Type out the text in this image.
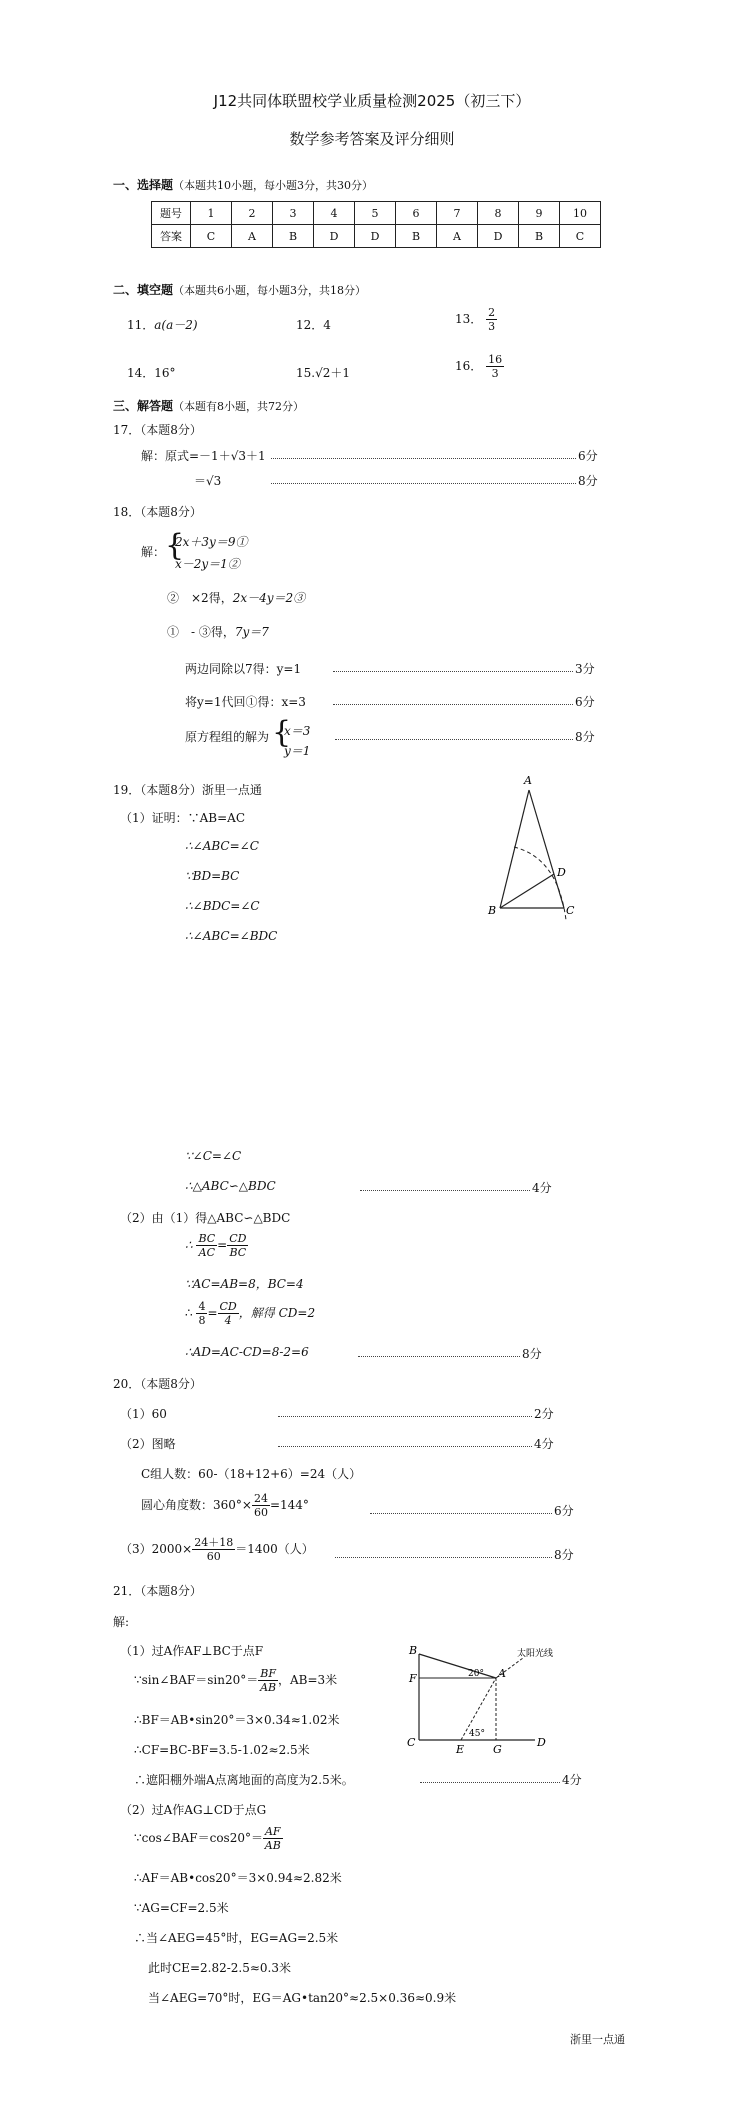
J12共同体联盟校学业质量检测2025（初三下）
数学参考答案及评分细则
一、选择题（本题共10小题，每小题3分，共30分）
题号	1	2	3	4	5	6	7	8	9	10
答案	C	A	B	D	D	B	A	D	B	C
二、填空题（本题共6小题，每小题3分，共18分）
11．a(a－2)	12．4	13． $\frac{2}{3}$
14．16°	15.√2＋1	16． $\frac{16}{3}$
三、解答题（本题有8小题，共72分）
17．（本题8分）
解：原式=－1＋√3＋1	6分
＝√3	8分
18．（本题8分）
解： {
2x＋3y＝9①
x－2y＝1②
②　×2得，2x－4y＝2③
①　- ③得，7y＝7
两边同除以7得：y=1	3分
将y=1代回①得：x=3	6分
原方程组的解为 {
x＝3
y＝1
8分
19．（本题8分）浙里一点通
（1）证明：∵AB=AC
∴∠ABC=∠C
∵BD=BC
∴∠BDC=∠C
∴∠ABC=∠BDC
A
B	C
D
∵∠C=∠C
∴△ABC∽△BDC	4分
（2）由（1）得△ABC∽△BDC
∴ $\frac{BC}{AC} = \frac{CD}{BC}$
∵AC=AB=8，BC=4
∴ $\frac{4}{8} = \frac{CD}{4}$ ，解得 CD=2
∴AD=AC-CD=8-2=6	8分
20．（本题8分）
（1）60	2分
（2）图略	4分
C组人数：60-（18+12+6）=24（人）
圆心角度数：$360^\circ\times \frac{24}{60} =144^\circ$	6分
$(3)2000\times \frac{24+18}{60} =1400$（人）	8分
21．（本题8分）
解:
（1）过A作AF⊥BC于点F
∵sin∠BAF＝sin20°＝ $\frac{BF}{AB}$ ，AB=3米
∴BF＝AB•sin20°＝3×0.34≈1.02米
∴CF=BC-BF=3.5-1.02≈2.5米
∴遮阳棚外端A点离地面的高度为2.5米。	4分
B
F	A
C
E	G
D
太阳光线
20°
45°
（2）过A作AG⊥CD于点G
∵cos∠BAF＝cos20°＝ $\frac{AF}{AB}$
∴AF＝AB•cos20°＝3×0.94≈2.82米
∵AG=CF=2.5米
∴当∠AEG=45°时，EG=AG=2.5米
此时CE=2.82-2.5≈0.3米
当∠AEG=70°时，EG＝AG•tan20°≈2.5×0.36≈0.9米
浙里一点通
